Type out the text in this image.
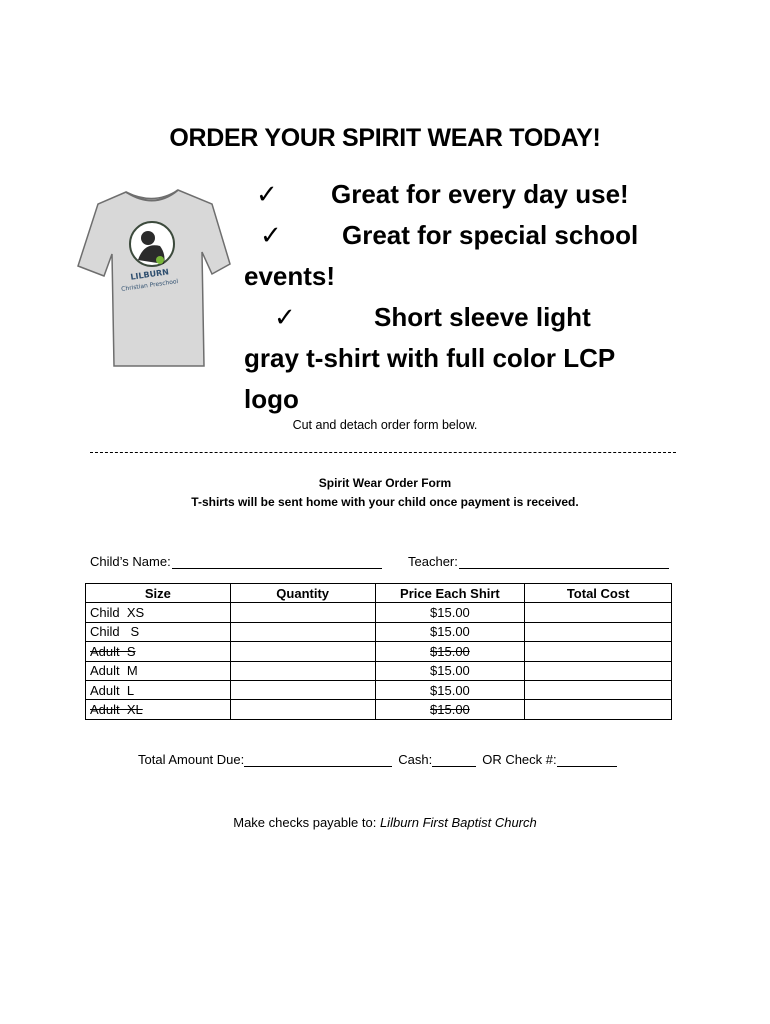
ORDER YOUR SPIRIT WEAR TODAY!
LILBURN
Christian Preschool
✓ Great for every day use!
✓ Great for special school events!
✓	Short sleeve light gray t-shirt with full color LCP logo
Cut and detach order form below.
Spirit Wear Order Form
T-shirts will be sent home with your child once payment is received.
Child’s Name:	Teacher:
Size	Quantity	Price Each Shirt	Total Cost
Child  XS		$15.00	
Child   S		$15.00	
Adult  S		$15.00	
Adult  M		$15.00	
Adult  L		$15.00	
Adult  XL		$15.00	
Total Amount Due:	Cash:	OR Check #:
Make checks payable to: Lilburn First Baptist Church
